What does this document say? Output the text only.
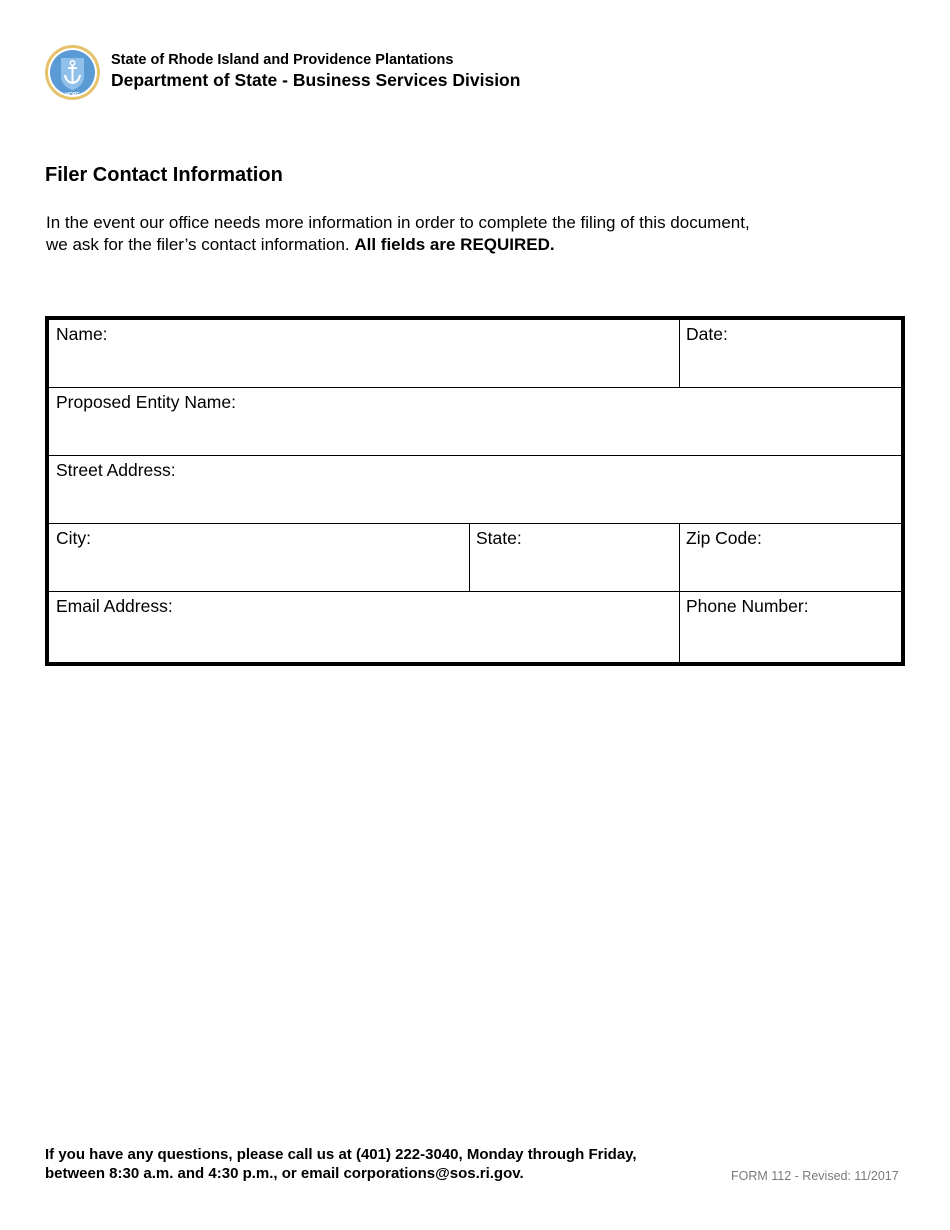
HOPE
State of Rhode Island and Providence Plantations
Department of State - Business Services Division
Filer Contact Information

In the event our office needs more information in order to complete the filing of this document, we ask for the filer’s contact information. All fields are REQUIRED.

Name:	Date:
Proposed Entity Name:
Street Address:
City:	State:	Zip Code:
Email Address:	Phone Number:
If you have any questions, please call us at (401) 222-3040, Monday through Friday,
between 8:30 a.m. and 4:30 p.m., or email corporations@sos.ri.gov.	FORM 112 - Revised: 11/2017
